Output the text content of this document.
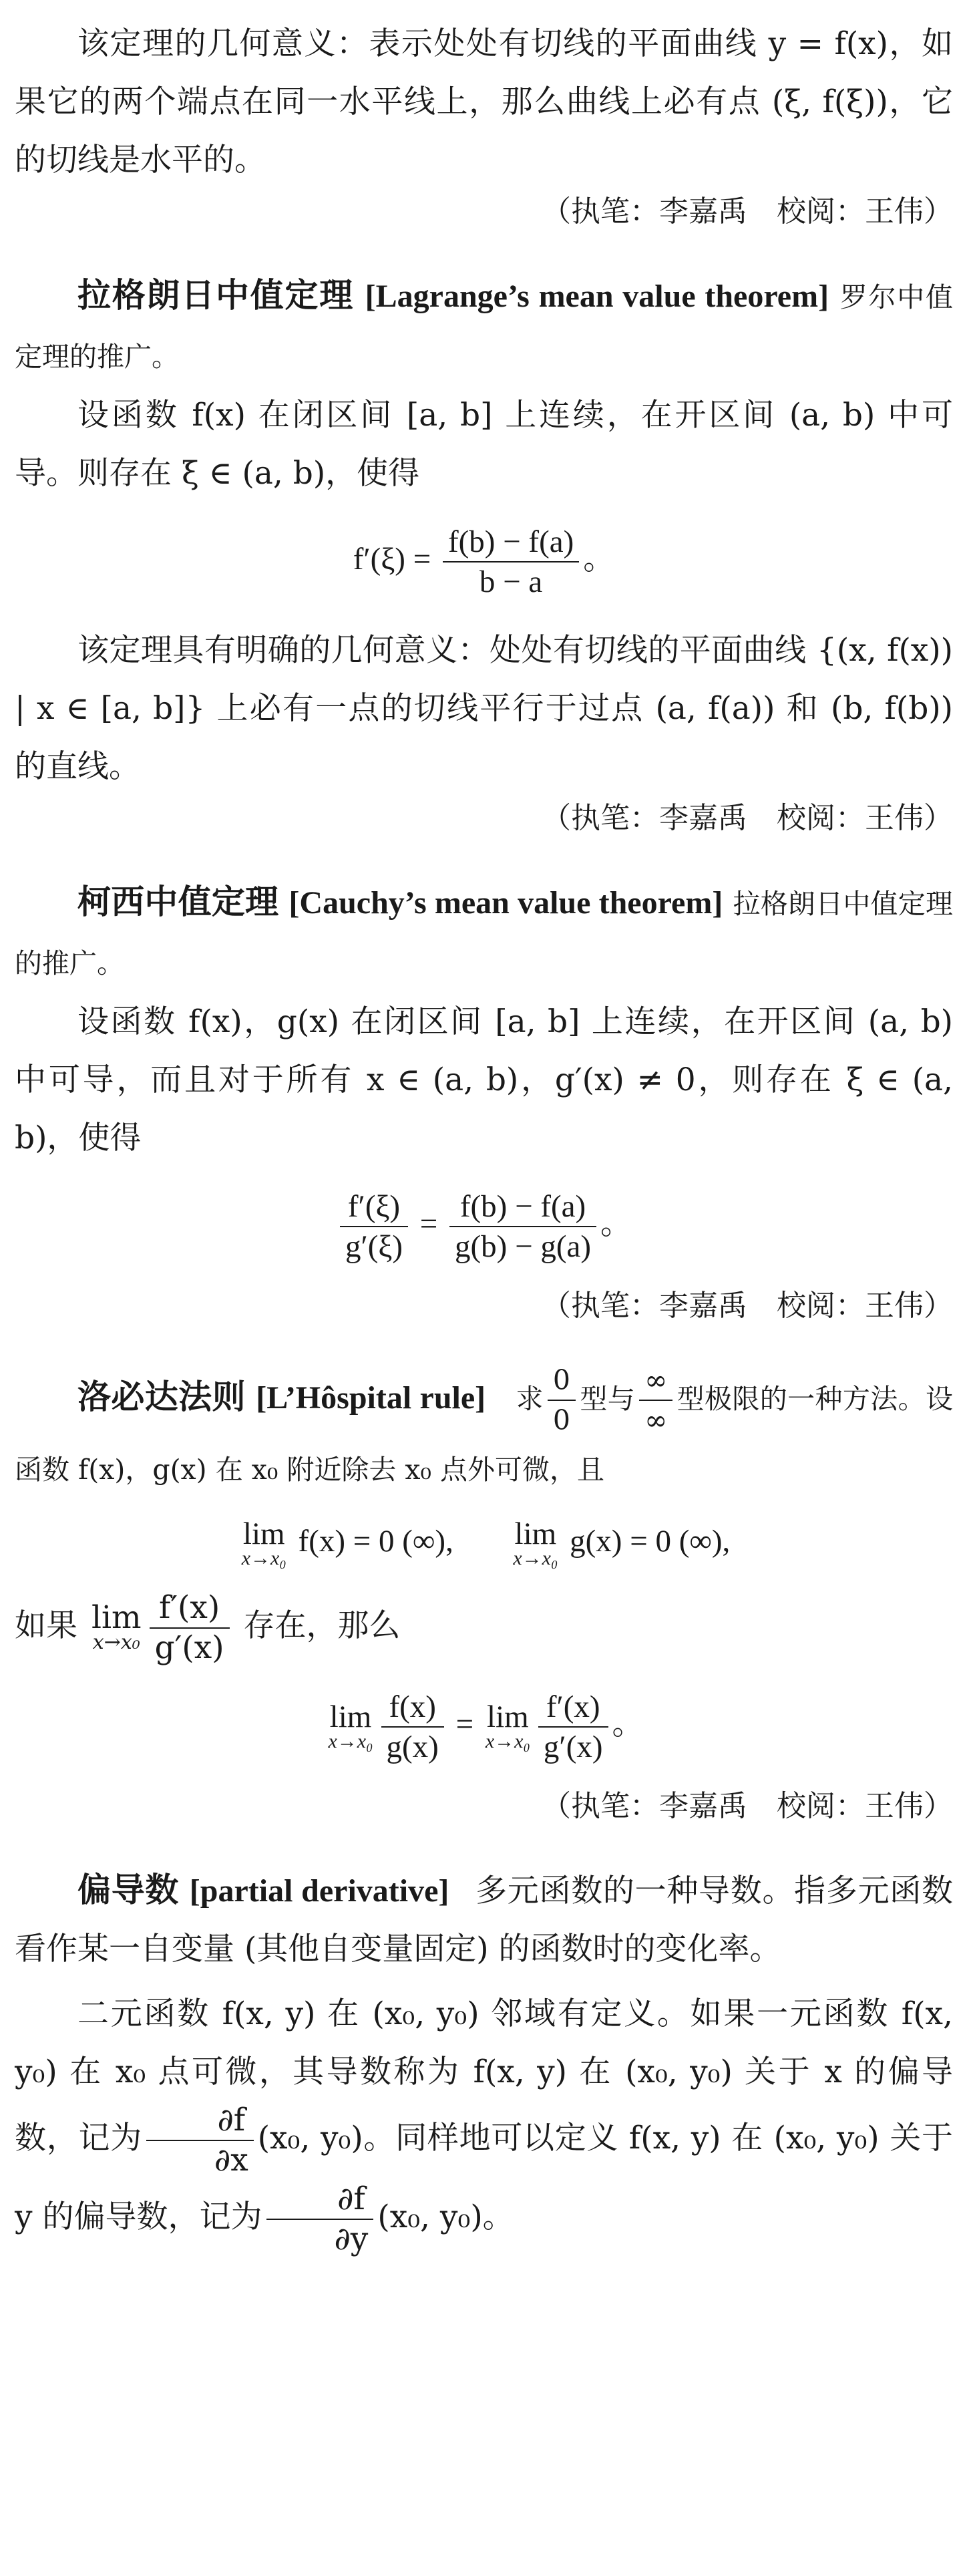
该定理的几何意义：表示处处有切线的平面曲线 y = f(x)，如果它的两个端点在同一水平线上，那么曲线上必有点 (ξ, f(ξ))，它的切线是水平的。

（执笔：李嘉禹　校阅：王伟）

拉格朗日中值定理 [Lagrange’s mean value theorem] 罗尔中值定理的推广。

设函数 f(x) 在闭区间 [a, b] 上连续，在开区间 (a, b) 中可导。则存在 ξ ∈ (a, b)，使得

$f'(\xi) = \frac{f(b) - f(a)}{b - a}$ 。

该定理具有明确的几何意义：处处有切线的平面曲线 {(x, f(x)) | x ∈ [a, b]} 上必有一点的切线平行于过点 (a, f(a)) 和 (b, f(b)) 的直线。

（执笔：李嘉禹　校阅：王伟）

柯西中值定理 [Cauchy’s mean value theorem] 拉格朗日中值定理的推广。

设函数 f(x)，g(x) 在闭区间 [a, b] 上连续，在开区间 (a, b) 中可导，而且对于所有 x ∈ (a, b)，g′(x) ≠ 0，则存在 ξ ∈ (a, b)，使得

$\frac{f'(\xi)}{g'(\xi)} = \frac{f(b) - f(a)}{g(b) - g(a)}$ 。

（执笔：李嘉禹　校阅：王伟）

洛必达法则 [L’Hôspital rule] 求 $\frac{0}{0}$ 型与 $\frac{\infty}{\infty}$ 型极限的一种方法。设函数 f(x)，g(x) 在 x₀ 附近除去 x₀ 点外可微，且

lim
x→x₀ f(x) = 0 (∞), lim
x→x₀ g(x) = 0 (∞),

如果 lim
$x\to x_0 \frac{f'(x)}{g'(x)}$ 存在，那么

lim
$x\to x_0 \frac{f(x)}{g(x)} = \lim$
$x\to x_0 \frac{f'(x)}{g'(x)}$ 。

（执笔：李嘉禹　校阅：王伟）

偏导数 [partial derivative] 多元函数的一种导数。指多元函数看作某一自变量 (其他自变量固定) 的函数时的变化率。

二元函数 f(x, y) 在 (x₀, y₀) 邻域有定义。如果一元函数 f(x, y₀) 在 x₀ 点可微，其导数称为 f(x, y) 在 (x₀, y₀) 关于 x 的偏导数，记为 $\frac{\partial f}{\partial x} (x_0$, y₀)。同样地可以定义 f(x, y) 在 (x₀, y₀) 关于 y 的偏导数，记为 $\frac{\partial f}{\partial y} (x_0$, y₀)。
